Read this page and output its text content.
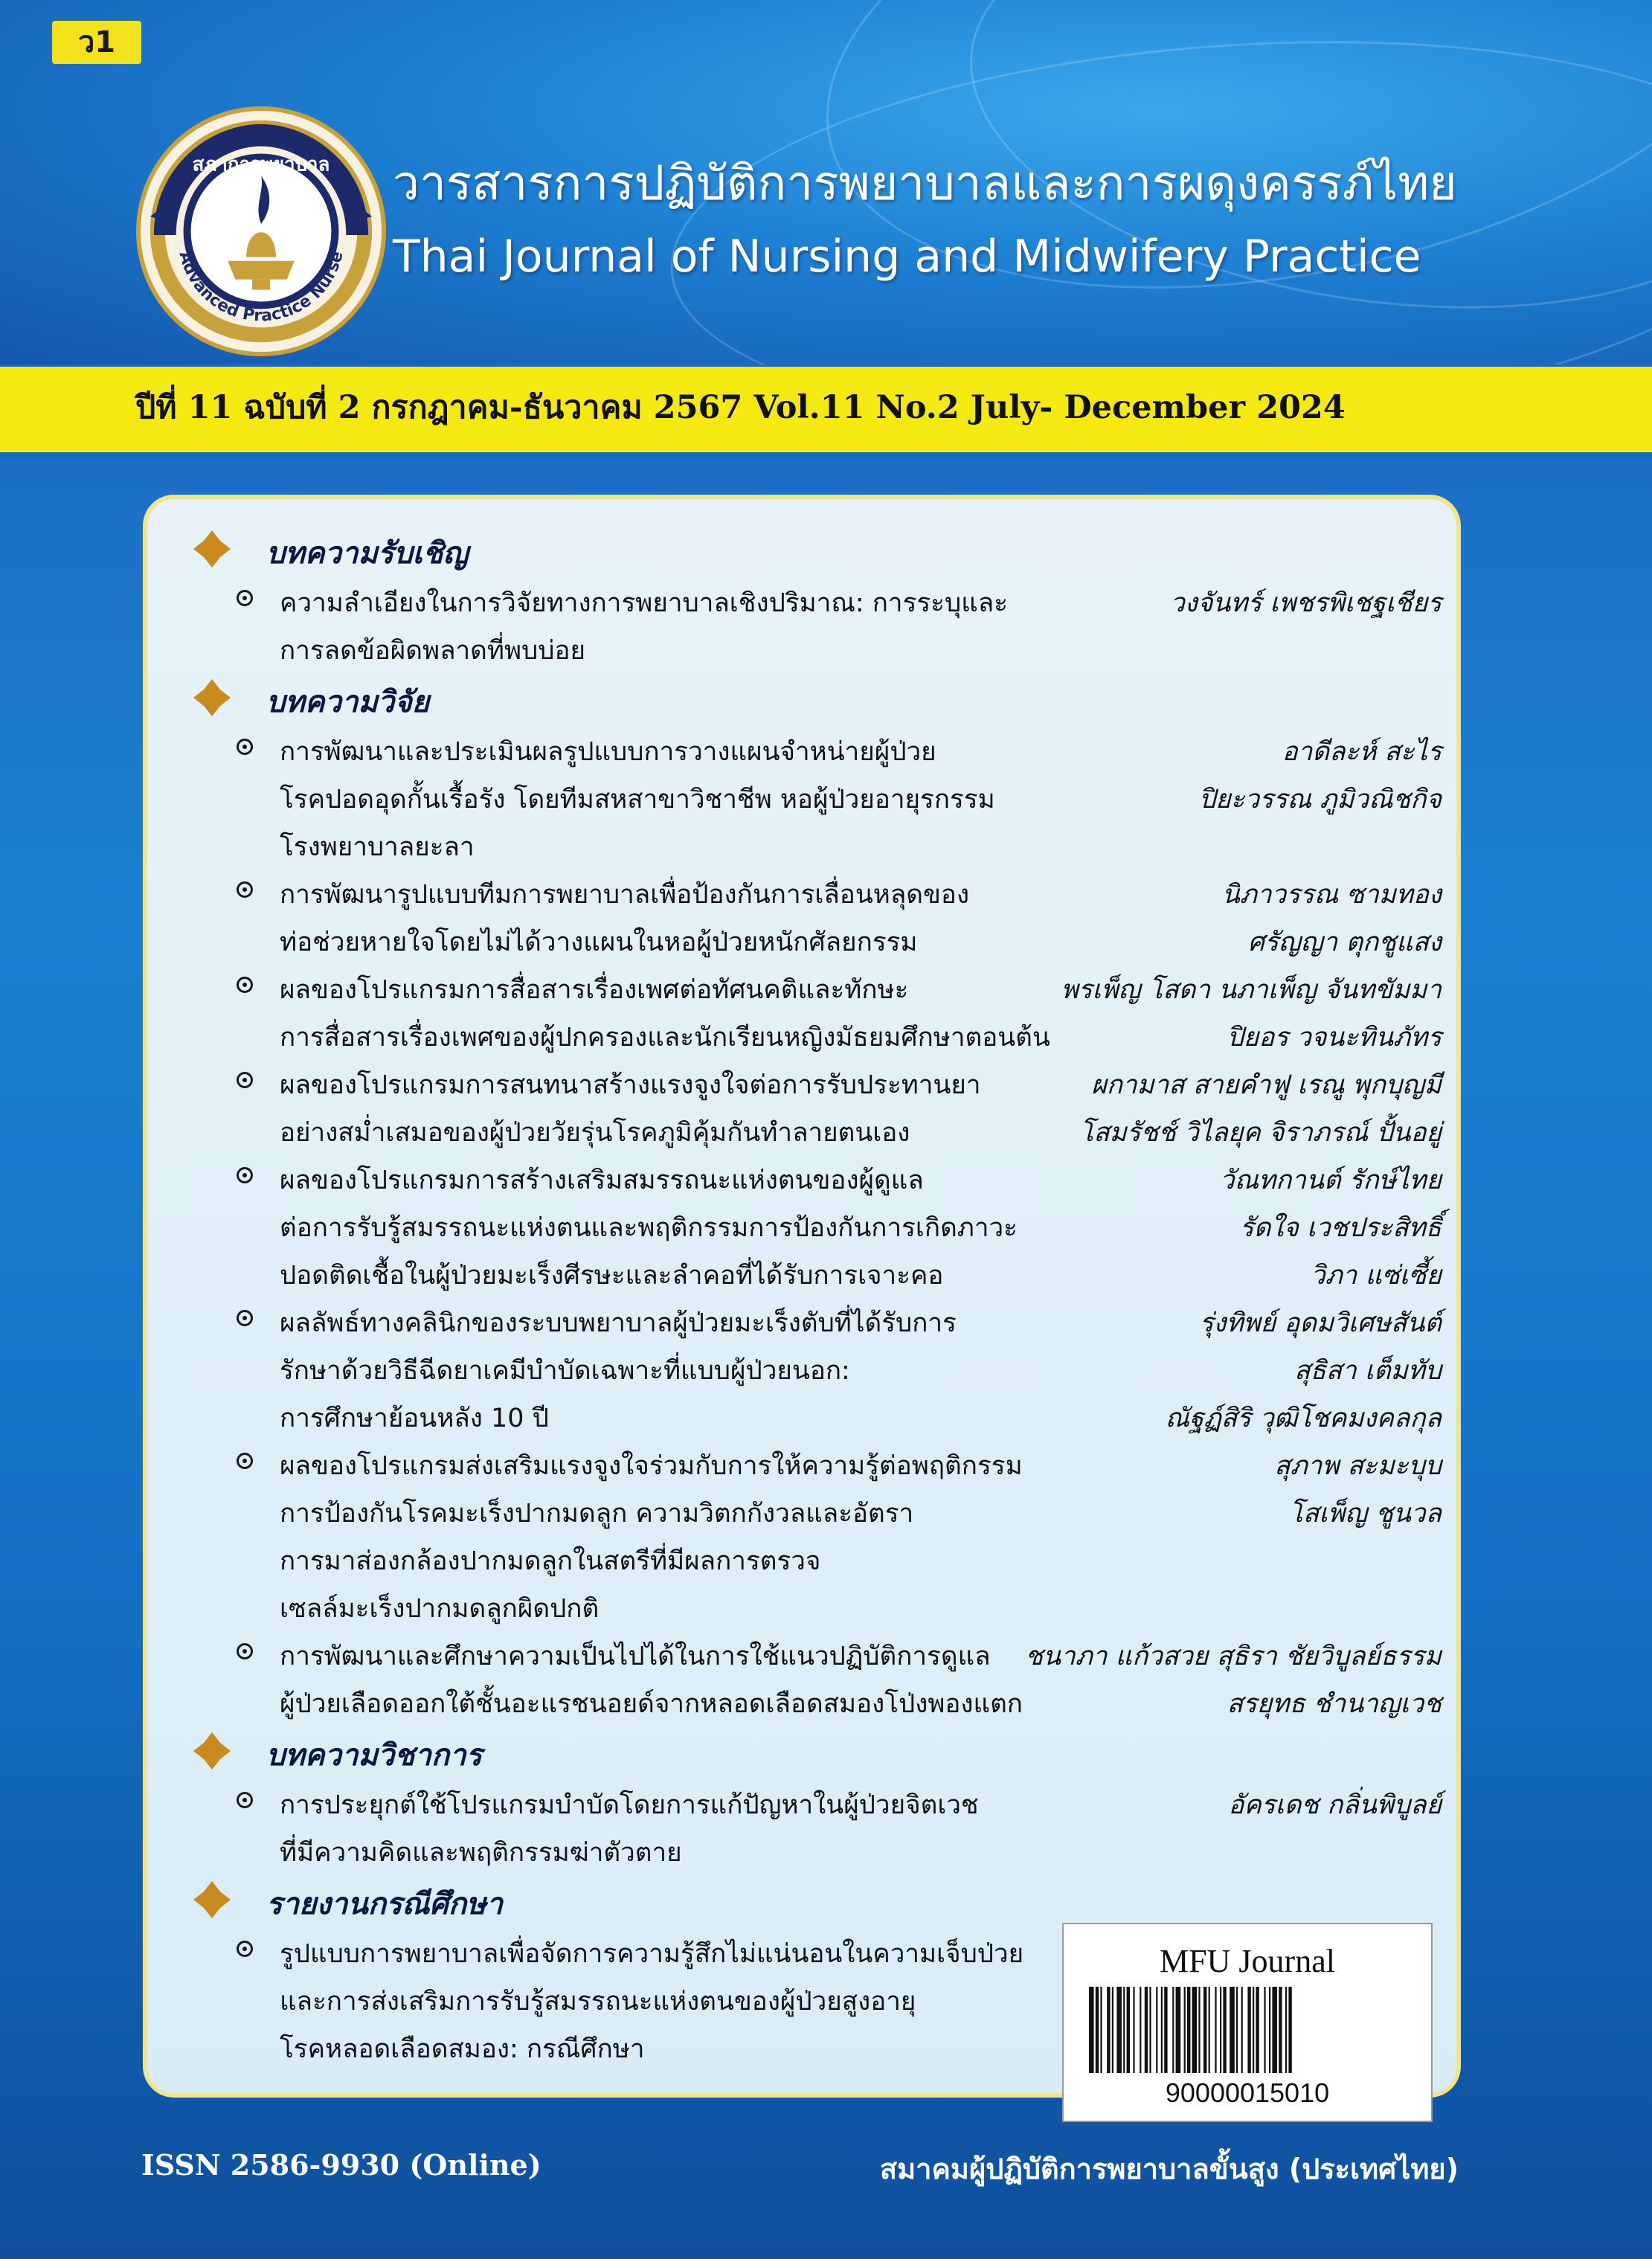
ว1
สภาการพยาบาล
Advanced Practice Nurse
วารสารการปฏิบัติการพยาบาลและการผดุงครรภ์ไทย
Thai Journal of Nursing and Midwifery Practice
ปีที่ 11 ฉบับที่ 2 กรกฎาคม-ธันวาคม 2567 Vol.11 No.2 July- December 2024
บทความรับเชิญ
ความลำเอียงในการวิจัยทางการพยาบาลเชิงปริมาณ: การระบุและ
การลดข้อผิดพลาดที่พบบ่อย
วงจันทร์ เพชรพิเชฐเชียร
บทความวิจัย
การพัฒนาและประเมินผลรูปแบบการวางแผนจำหน่ายผู้ป่วย
โรคปอดอุดกั้นเรื้อรัง โดยทีมสหสาขาวิชาชีพ หอผู้ป่วยอายุรกรรม
โรงพยาบาลยะลา
อาดีละห์ สะไร
ปิยะวรรณ ภูมิวณิชกิจ
การพัฒนารูปแบบทีมการพยาบาลเพื่อป้องกันการเลื่อนหลุดของ
ท่อช่วยหายใจโดยไม่ได้วางแผนในหอผู้ป่วยหนักศัลยกรรม
นิภาวรรณ ซามทอง
ศรัญญา ตุกชูแสง
ผลของโปรแกรมการสื่อสารเรื่องเพศต่อทัศนคติและทักษะ
การสื่อสารเรื่องเพศของผู้ปกครองและนักเรียนหญิงมัธยมศึกษาตอนต้น
พรเพ็ญ โสดา นภาเพ็ญ จันทขัมมา
ปิยอร วจนะทินภัทร
ผลของโปรแกรมการสนทนาสร้างแรงจูงใจต่อการรับประทานยา
อย่างสม่ำเสมอของผู้ป่วยวัยรุ่นโรคภูมิคุ้มกันทำลายตนเอง
ผกามาส สายคำฟู เรณู พุกบุญมี
โสมรัชช์ วิไลยุค จิราภรณ์ ปั้นอยู่
ผลของโปรแกรมการสร้างเสริมสมรรถนะแห่งตนของผู้ดูแล
ต่อการรับรู้สมรรถนะแห่งตนและพฤติกรรมการป้องกันการเกิดภาวะ
ปอดติดเชื้อในผู้ป่วยมะเร็งศีรษะและลำคอที่ได้รับการเจาะคอ
วัณทกานต์ รักษ์ไทย
รัดใจ เวชประสิทธิ์
วิภา แซ่เซี้ย
ผลลัพธ์ทางคลินิกของระบบพยาบาลผู้ป่วยมะเร็งตับที่ได้รับการ
รักษาด้วยวิธีฉีดยาเคมีบำบัดเฉพาะที่แบบผู้ป่วยนอก:
การศึกษาย้อนหลัง 10 ปี
รุ่งทิพย์ อุดมวิเศษสันต์
สุธิสา เต็มทับ
ณัฐฏ์สิริ วุฒิโชคมงคลกุล
ผลของโปรแกรมส่งเสริมแรงจูงใจร่วมกับการให้ความรู้ต่อพฤติกรรม
การป้องกันโรคมะเร็งปากมดลูก ความวิตกกังวลและอัตรา
การมาส่องกล้องปากมดลูกในสตรีที่มีผลการตรวจ
เซลล์มะเร็งปากมดลูกผิดปกติ
สุภาพ สะมะบุบ
โสเพ็ญ ชูนวล
การพัฒนาและศึกษาความเป็นไปได้ในการใช้แนวปฏิบัติการดูแล
ผู้ป่วยเลือดออกใต้ชั้นอะแรชนอยด์จากหลอดเลือดสมองโป่งพองแตก
ชนาภา แก้วสวย สุธิรา ชัยวิบูลย์ธรรม
สรยุทธ ชำนาญเวช
บทความวิชาการ
การประยุกต์ใช้โปรแกรมบำบัดโดยการแก้ปัญหาในผู้ป่วยจิตเวช
ที่มีความคิดและพฤติกรรมฆ่าตัวตาย
อัครเดช กลิ่นพิบูลย์
รายงานกรณีศึกษา
รูปแบบการพยาบาลเพื่อจัดการความรู้สึกไม่แน่นอนในความเจ็บป่วย
และการส่งเสริมการรับรู้สมรรถนะแห่งตนของผู้ป่วยสูงอายุ
โรคหลอดเลือดสมอง: กรณีศึกษา
MFU Journal
90000015010
ISSN 2586-9930 (Online)	สมาคมผู้ปฏิบัติการพยาบาลขั้นสูง (ประเทศไทย)
